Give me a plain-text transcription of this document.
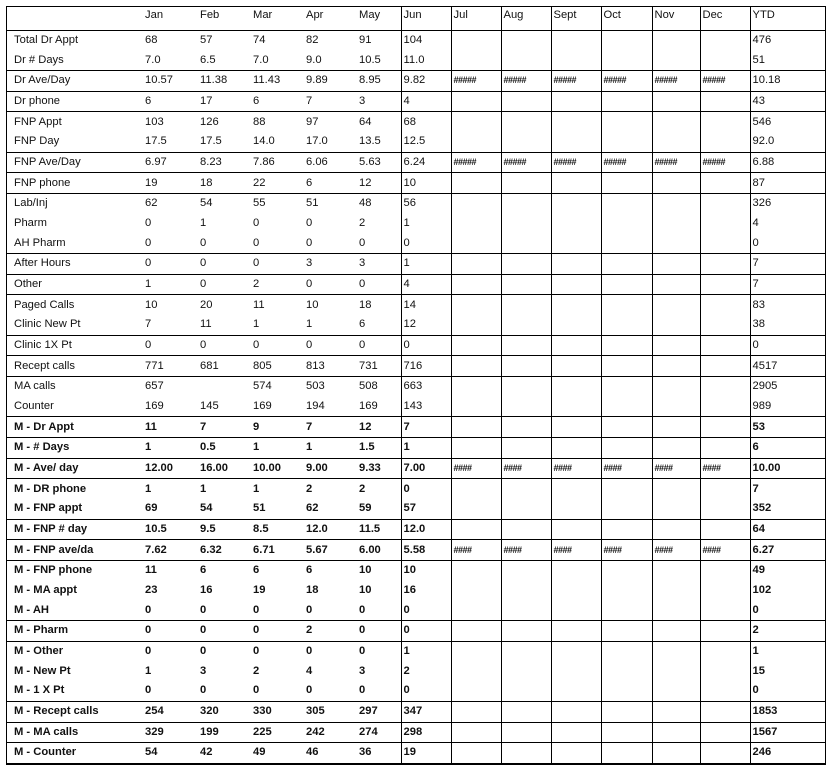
	Jan	Feb	Mar	Apr	May	Jun	Jul	Aug	Sept	Oct	Nov	Dec	YTD
Total Dr Appt	68	57	74	82	91	104							476
Dr # Days	7.0	6.5	7.0	9.0	10.5	11.0							51
Dr Ave/Day	10.57	11.38	11.43	9.89	8.95	9.82	#####	#####	#####	#####	#####	#####	10.18
Dr phone	6	17	6	7	3	4							43
FNP Appt	103	126	88	97	64	68							546
FNP Day	17.5	17.5	14.0	17.0	13.5	12.5							92.0
FNP Ave/Day	6.97	8.23	7.86	6.06	5.63	6.24	#####	#####	#####	#####	#####	#####	6.88
FNP phone	19	18	22	6	12	10							87
Lab/Inj	62	54	55	51	48	56							326
Pharm	0	1	0	0	2	1							4
AH Pharm	0	0	0	0	0	0							0
After Hours	0	0	0	3	3	1							7
Other	1	0	2	0	0	4							7
Paged Calls	10	20	11	10	18	14							83
Clinic New Pt	7	11	1	1	6	12							38
Clinic 1X Pt	0	0	0	0	0	0							0
Recept calls	771	681	805	813	731	716							4517
MA calls	657		574	503	508	663							2905
Counter	169	145	169	194	169	143							989
M - Dr Appt	11	7	9	7	12	7							53
M - # Days	1	0.5	1	1	1.5	1							6
M - Ave/ day	12.00	16.00	10.00	9.00	9.33	7.00	####	####	####	####	####	####	10.00
M - DR phone	1	1	1	2	2	0							7
M - FNP appt	69	54	51	62	59	57							352
M - FNP # day	10.5	9.5	8.5	12.0	11.5	12.0							64
M - FNP ave/da	7.62	6.32	6.71	5.67	6.00	5.58	####	####	####	####	####	####	6.27
M - FNP phone	11	6	6	6	10	10							49
M - MA appt	23	16	19	18	10	16							102
M - AH	0	0	0	0	0	0							0
M - Pharm	0	0	0	2	0	0							2
M - Other	0	0	0	0	0	1							1
M - New Pt	1	3	2	4	3	2							15
M - 1 X Pt	0	0	0	0	0	0							0
M - Recept calls	254	320	330	305	297	347							1853
M - MA calls	329	199	225	242	274	298							1567
M - Counter	54	42	49	46	36	19							246
